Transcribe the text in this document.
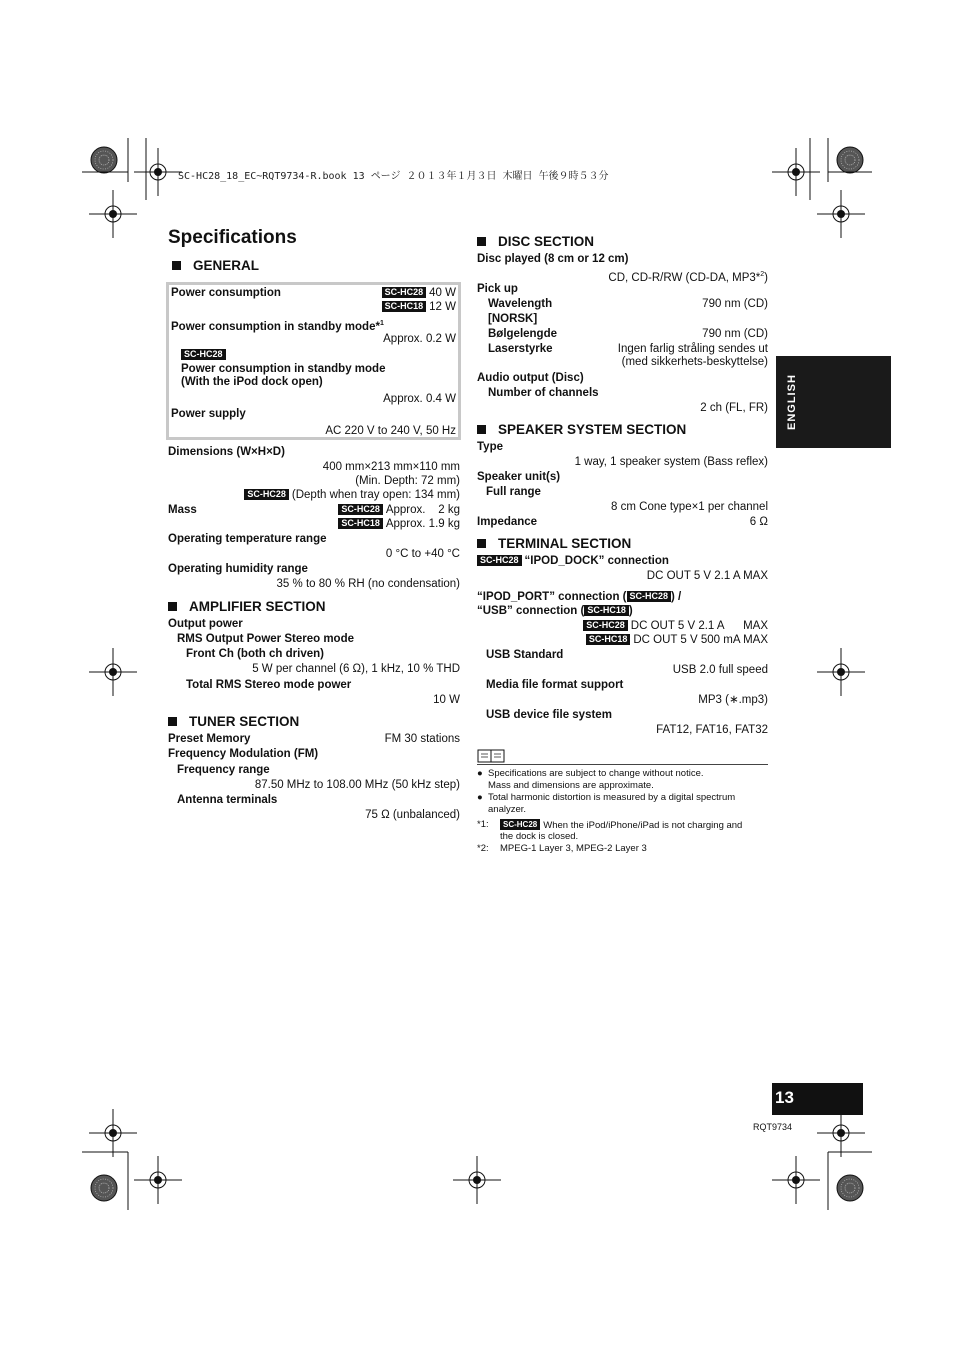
SC-HC28_18_EC~RQT9734-R.book 13 ページ ２０１３年１月３日 木曜日 午後９時５３分
Specifications
GENERAL
Power consumption	SC-HC28 40 W
SC-HC18 12 W
Power consumption in standby mode*$^1$
Approx. 0.2 W
SC-HC28
Power consumption in standby mode
(With the iPod dock open)
Approx. 0.4 W
Power supply
AC 220 V to 240 V, 50 Hz
Dimensions (W×H×D)
400 mm×213 mm×110 mm
(Min. Depth: 72 mm)
SC-HC28 (Depth when tray open: 134 mm)
Mass	SC-HC28 Approx.    2 kg
SC-HC18 Approx. 1.9 kg
Operating temperature range
0 °C to +40 °C
Operating humidity range
35 % to 80 % RH (no condensation)
AMPLIFIER SECTION
Output power
RMS Output Power Stereo mode
Front Ch (both ch driven)
5 W per channel (6 Ω), 1 kHz, 10 % THD
Total RMS Stereo mode power
10 W
TUNER SECTION
Preset Memory	FM 30 stations
Frequency Modulation (FM)
Frequency range
87.50 MHz to 108.00 MHz (50 kHz step)
Antenna terminals
75 Ω (unbalanced)
DISC SECTION
Disc played (8 cm or 12 cm)
CD, CD-R/RW (CD-DA, MP3*$^2$)
Pick up
Wavelength	790 nm (CD)
[NORSK]
Bølgelengde	790 nm (CD)
Laserstyrke	Ingen farlig stråling sendes ut
(med sikkerhets-beskyttelse)
Audio output (Disc)
Number of channels
2 ch (FL, FR)
SPEAKER SYSTEM SECTION
Type
1 way, 1 speaker system (Bass reflex)
Speaker unit(s)
Full range
8 cm Cone type×1 per channel
Impedance	6 Ω
TERMINAL SECTION
SC-HC28 “IPOD_DOCK” connection
DC OUT 5 V 2.1 A MAX
“IPOD_PORT” connection ( SC-HC28 ) /
“USB” connection ( SC-HC18 )
SC-HC28 DC OUT 5 V 2.1 A      MAX
SC-HC18 DC OUT 5 V 500 mA MAX
USB Standard
USB 2.0 full speed
Media file format support
MP3 (∗.mp3)
USB device file system
FAT12, FAT16, FAT32
●  Specifications are subject to change without notice.
Mass and dimensions are approximate.
●  Total harmonic distortion is measured by a digital spectrum
analyzer.
*1:	SC-HC28 When the iPod/iPhone/iPad is not charging and
the dock is closed.
*2: MPEG-1 Layer 3, MPEG-2 Layer 3
ENGLISH
13
RQT9734
